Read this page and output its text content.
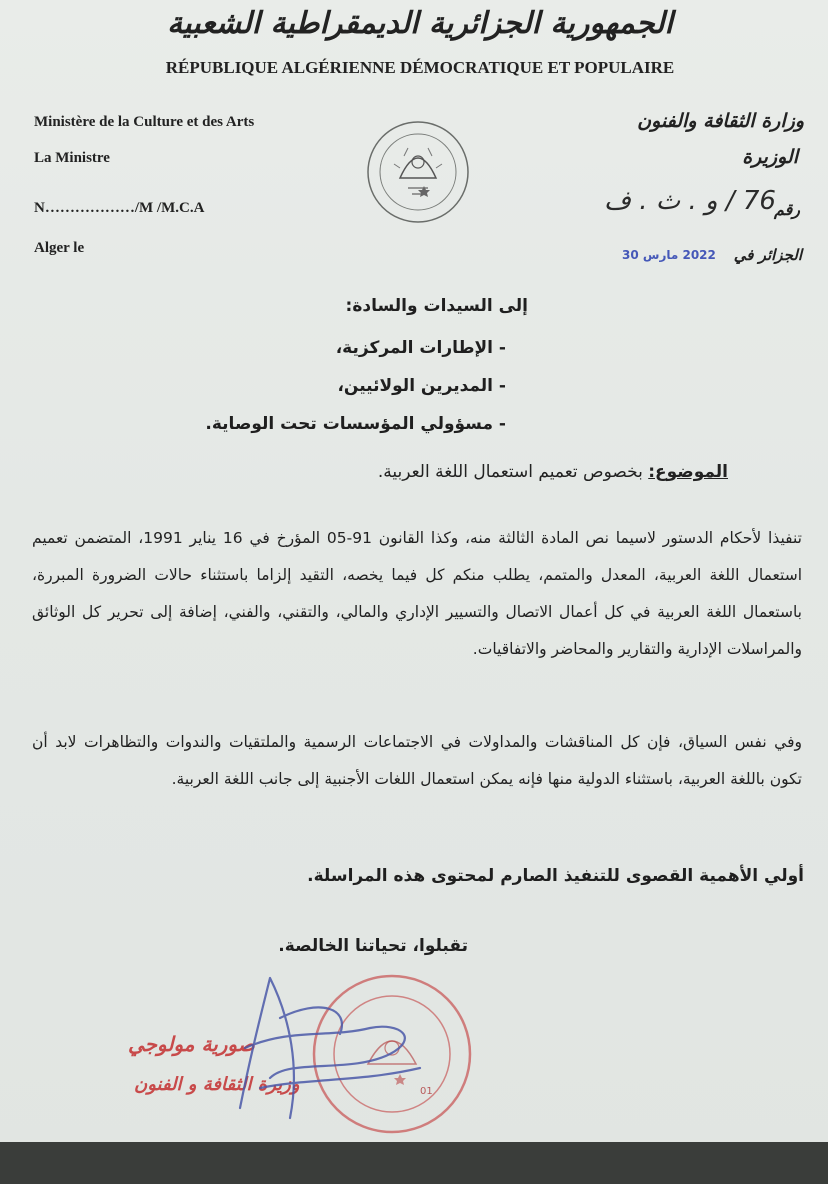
الجمهورية الجزائرية الديمقراطية الشعبية
RÉPUBLIQUE ALGÉRIENNE DÉMOCRATIQUE ET POPULAIRE
Ministère de la Culture et des Arts
La Ministre
N………………/M /M.C.A
Alger le
وزارة الثقافة والفنون
الوزيرة
رقم
76 / و . ث . ف
الجزائر في
2022 مارس 30
إلى السيدات والسادة:
- الإطارات المركزية،
- المديرين الولائيين،
- مسؤولي المؤسسات تحت الوصاية.
الموضوع: بخصوص تعميم استعمال اللغة العربية.
تنفيذا لأحكام الدستور لاسيما نص المادة الثالثة منه، وكذا القانون 91-05 المؤرخ في 16 يناير 1991، المتضمن تعميم استعمال اللغة العربية، المعدل والمتمم، يطلب منكم كل فيما يخصه، التقيد إلزاما باستثناء حالات الضرورة المبررة، باستعمال اللغة العربية في كل أعمال الاتصال والتسيير الإداري والمالي، والتقني، والفني، إضافة إلى تحرير كل الوثائق والمراسلات الإدارية والتقارير والمحاضر والاتفاقيات.
وفي نفس السياق، فإن كل المناقشات والمداولات في الاجتماعات الرسمية والملتقيات والندوات والتظاهرات لابد أن تكون باللغة العربية، باستثناء الدولية منها فإنه يمكن استعمال اللغات الأجنبية إلى جانب اللغة العربية.
أولي الأهمية القصوى للتنفيذ الصارم لمحتوى هذه المراسلة.
تقبلوا، تحياتنا الخالصة.
01
صورية مولوجي
وزيرة الثقافة و الفنون
